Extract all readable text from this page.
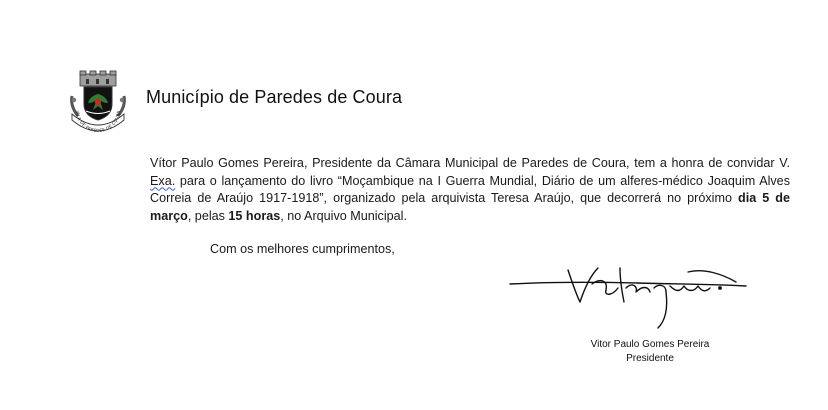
VILA DE PAREDES DE COURA
Município de Paredes de Coura
Vítor Paulo Gomes Pereira, Presidente da Câmara Municipal de Paredes de Coura, tem a honra de convidar V. Exa. para o lançamento do livro “Moçambique na I Guerra Mundial, Diário de um alferes-médico Joaquim Alves Correia de Araújo 1917-1918”, organizado pela arquivista Teresa Araújo, que decorrerá no próximo dia 5 de março, pelas 15 horas, no Arquivo Municipal.
Com os melhores cumprimentos,
Vitor Paulo Gomes Pereira
Presidente
